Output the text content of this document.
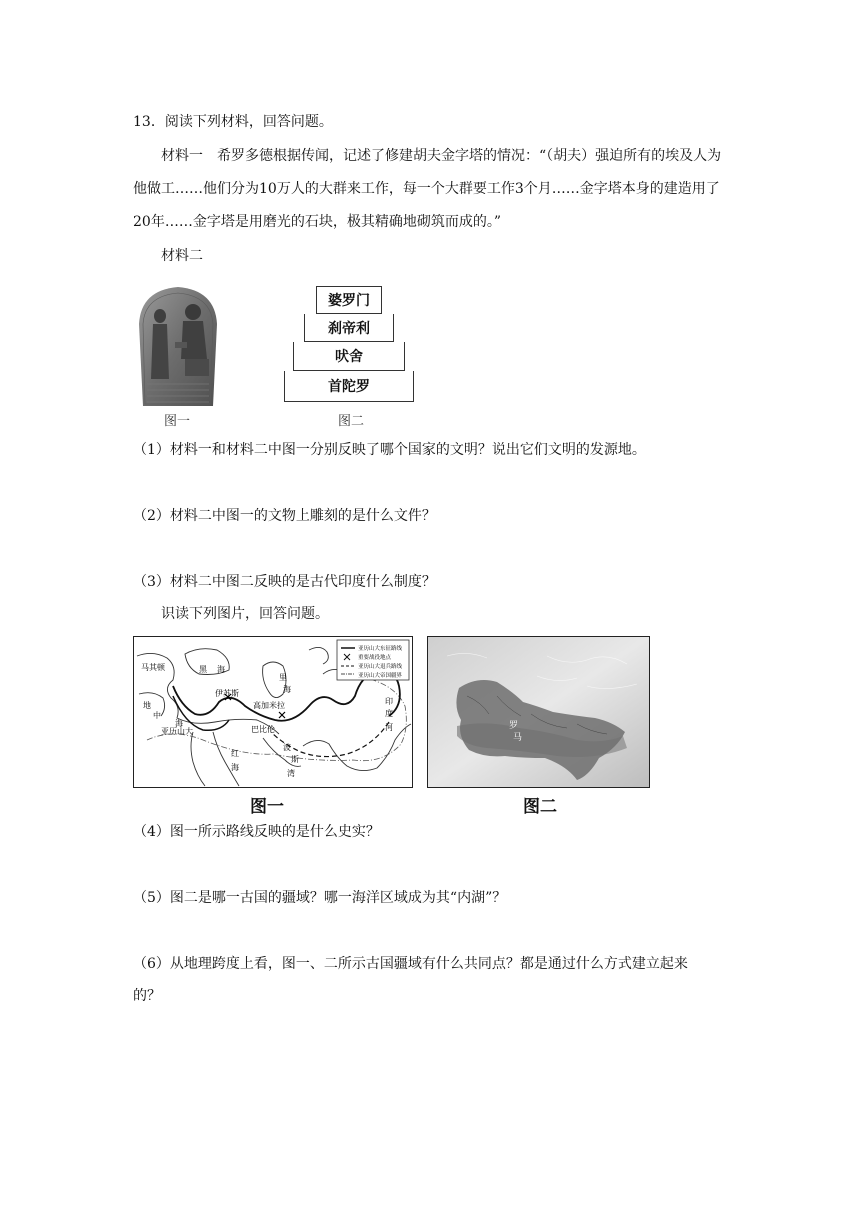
13．阅读下列材料，回答问题。
材料一　希罗多德根据传闻，记述了修建胡夫金字塔的情况：“（胡夫）强迫所有的埃及人为他做工……他们分为10万人的大群来工作，每一个大群要工作3个月……金字塔本身的建造用了20年……金字塔是用磨光的石块，极其精确地砌筑而成的。”
材料二
图一
婆罗门
刹帝利
吠舍
首陀罗
图二
（1）材料一和材料二中图一分别反映了哪个国家的文明？说出它们文明的发源地。
（2）材料二中图一的文物上雕刻的是什么文件？
（3）材料二中图二反映的是古代印度什么制度？
识读下列图片，回答问题。
亚历山大东征路线
重要战役地点
亚历山大退兵路线
亚历山大帝国疆界
马其顿	黑 海
地
中
海
亚历山大
伊苏斯
高加米拉
巴比伦
里
海
红
海
波
斯
湾
印
度
河
图一
罗
马
图二
（4）图一所示路线反映的是什么史实？
（5）图二是哪一古国的疆域？哪一海洋区域成为其“内湖”？
（6）从地理跨度上看，图一、二所示古国疆域有什么共同点？都是通过什么方式建立起来
的？
